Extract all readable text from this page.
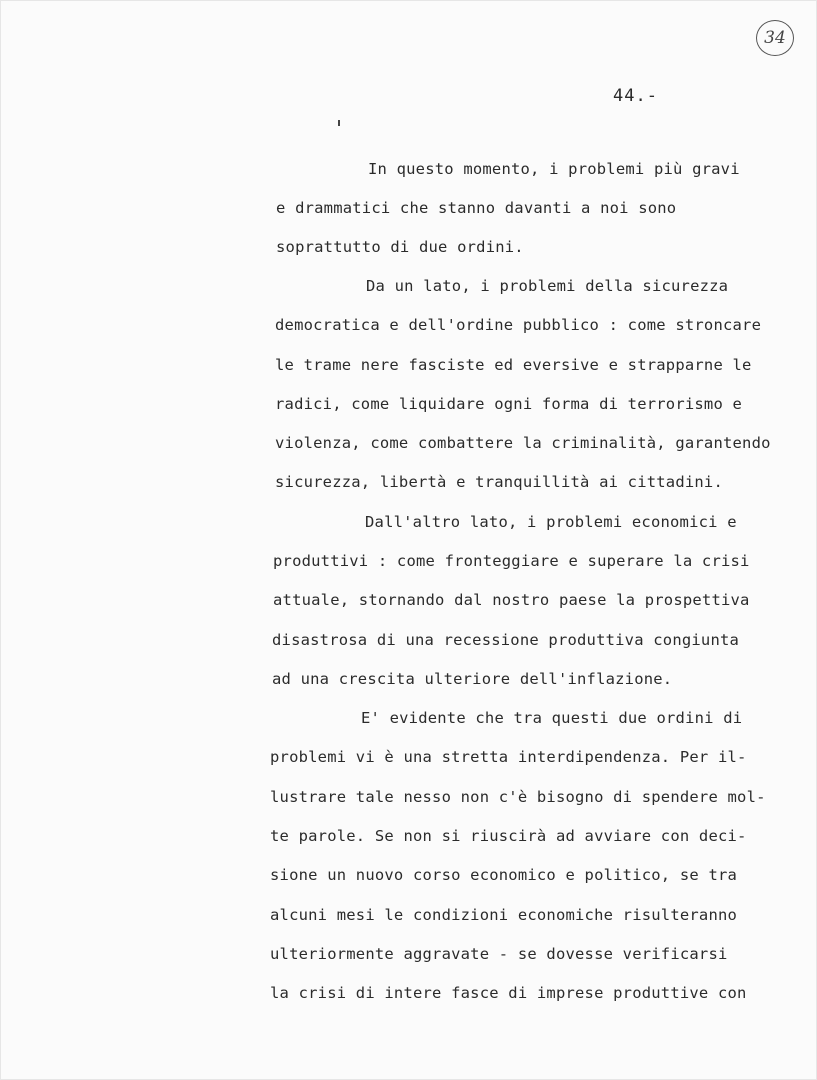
34
44.-
In questo momento, i problemi più gravi
e drammatici che stanno davanti a noi sono
soprattutto di due ordini.
Da un lato, i problemi della sicurezza
democratica e dell'ordine pubblico : come stroncare
le trame nere fasciste ed eversive e strapparne le
radici, come liquidare ogni forma di terrorismo e
violenza, come combattere la criminalità, garantendo
sicurezza, libertà e tranquillità ai cittadini.
Dall'altro lato, i problemi economici e
produttivi : come fronteggiare e superare la crisi
attuale, stornando dal nostro paese la prospettiva
disastrosa di una recessione produttiva congiunta
ad una crescita ulteriore dell'inflazione.
E' evidente che tra questi due ordini di
problemi vi è una stretta interdipendenza. Per il-
lustrare tale nesso non c'è bisogno di spendere mol-
te parole. Se non si riuscirà ad avviare con deci-
sione un nuovo corso economico e politico, se tra
alcuni mesi le condizioni economiche risulteranno
ulteriormente aggravate - se dovesse verificarsi
la crisi di intere fasce di imprese produttive con
